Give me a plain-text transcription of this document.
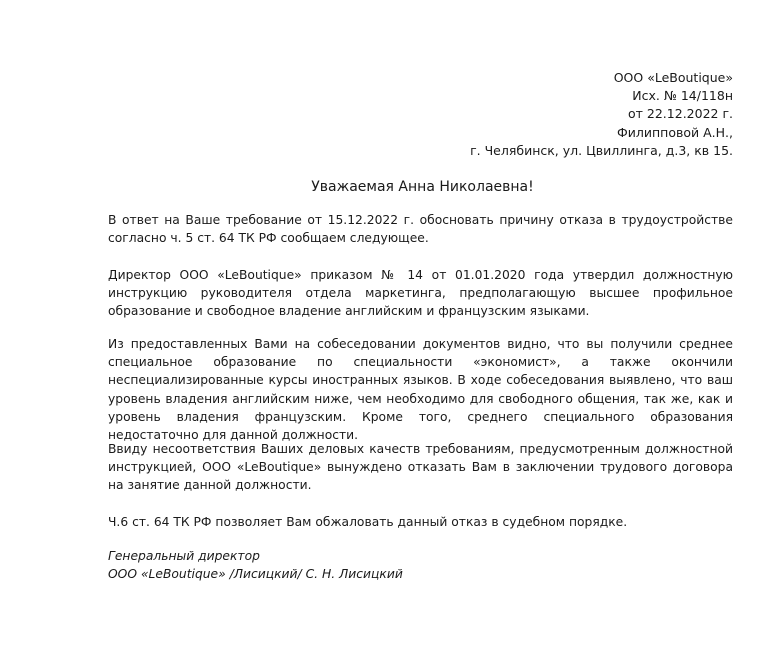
ООО «LeBoutique»
Исх. № 14/118н
от 22.12.2022 г.
Филипповой А.Н.,
г. Челябинск, ул. Цвиллинга, д.3, кв 15.
Уважаемая Анна Николаевна!
В ответ на Ваше требование от 15.12.2022 г. обосновать причину отказа в трудоустройстве согласно ч. 5 ст. 64 ТК РФ сообщаем следующее.
Директор ООО «LeBoutique» приказом № 14 от 01.01.2020 года утвердил должностную инструкцию руководителя отдела маркетинга, предполагающую высшее профильное образование и свободное владение английским и французским языками.
Из предоставленных Вами на собеседовании документов видно, что вы получили среднее специальное образование по специальности «экономист», а также окончили неспециализированные курсы иностранных языков. В ходе собеседования выявлено, что ваш уровень владения английским ниже, чем необходимо для свободного общения, так же, как и уровень владения французским. Кроме того, среднего специального образования недостаточно для данной должности.
Ввиду несоответствия Ваших деловых качеств требованиям, предусмотренным должностной инструкцией, ООО «LeBoutique» вынуждено отказать Вам в заключении трудового договора на занятие данной должности.
Ч.6 ст. 64 ТК РФ позволяет Вам обжаловать данный отказ в судебном порядке.
Генеральный директор
ООО «LeBoutique» /Лисицкий/ С. Н. Лисицкий
